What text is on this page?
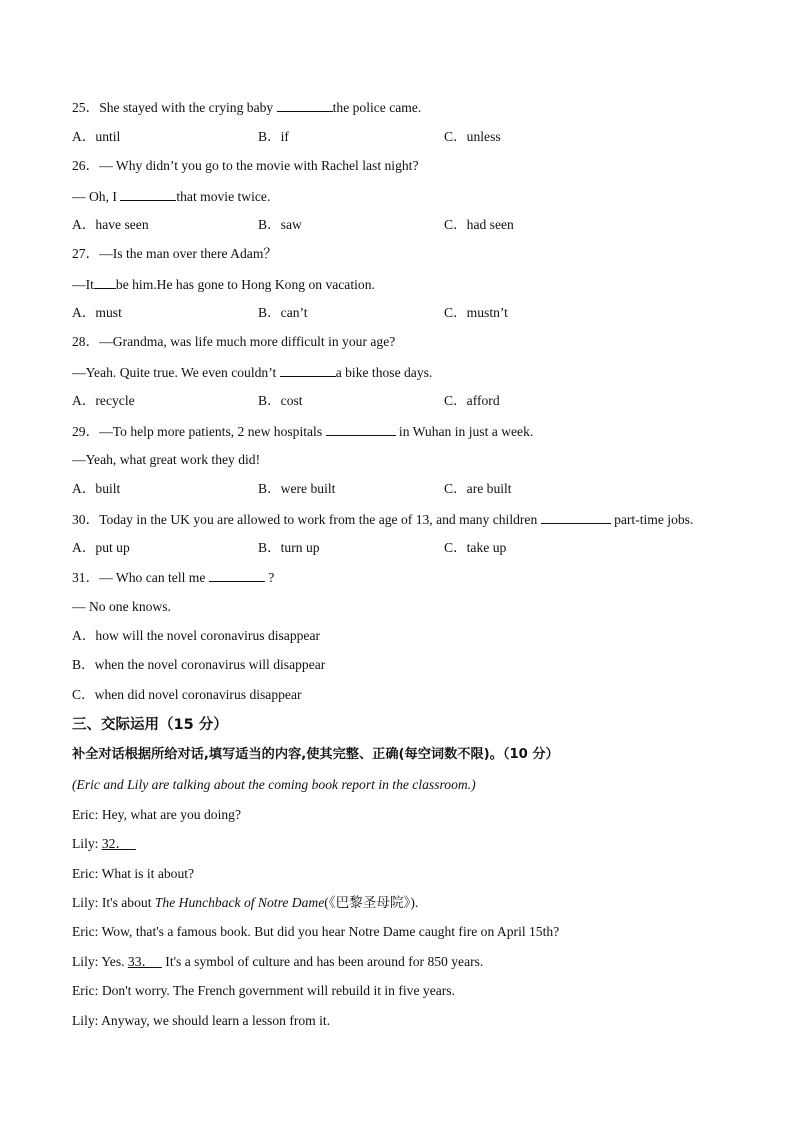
25．She stayed with the crying baby	the police came.
A．until	B．if	C．unless
26．— Why didn’t you go to the movie with Rachel last night?
— Oh, I	that movie twice.
A．have seen	B．saw	C．had seen
27．—Is the man over there Adam？
—It be him.He has gone to Hong Kong on vacation.
A．must	B．can’t	C．mustn’t
28．—Grandma, was life much more difficult in your age?
—Yeah. Quite true. We even couldn’t	a bike those days.
A．recycle	B．cost	C．afford
29．—To help more patients, 2 new hospitals	in Wuhan in just a week.
—Yeah, what great work they did!
A．built	B．were built	C．are built
30．Today in the UK you are allowed to work from the age of 13, and many children	part-time jobs.
A．put up	B．turn up	C．take up
31．— Who can tell me	?
— No one knows.
A．how will the novel coronavirus disappear
B．when the novel coronavirus will disappear
C．when did novel coronavirus disappear
三、交际运用（15 分）
补全对话根据所给对话,填写适当的内容,使其完整、正确(每空词数不限)。（10 分）
(Eric and Lily are talking about the coming book report in the classroom.)
Eric: Hey, what are you doing?
Lily: 32．
Eric: What is it about?
Lily: It's about The Hunchback of Notre Dame(《巴黎圣母院》).
Eric: Wow, that's a famous book. But did you hear Notre Dame caught fire on April 15th?
Lily: Yes. 33．   It's a symbol of culture and has been around for 850 years.
Eric: Don't worry. The French government will rebuild it in five years.
Lily: Anyway, we should learn a lesson from it.
